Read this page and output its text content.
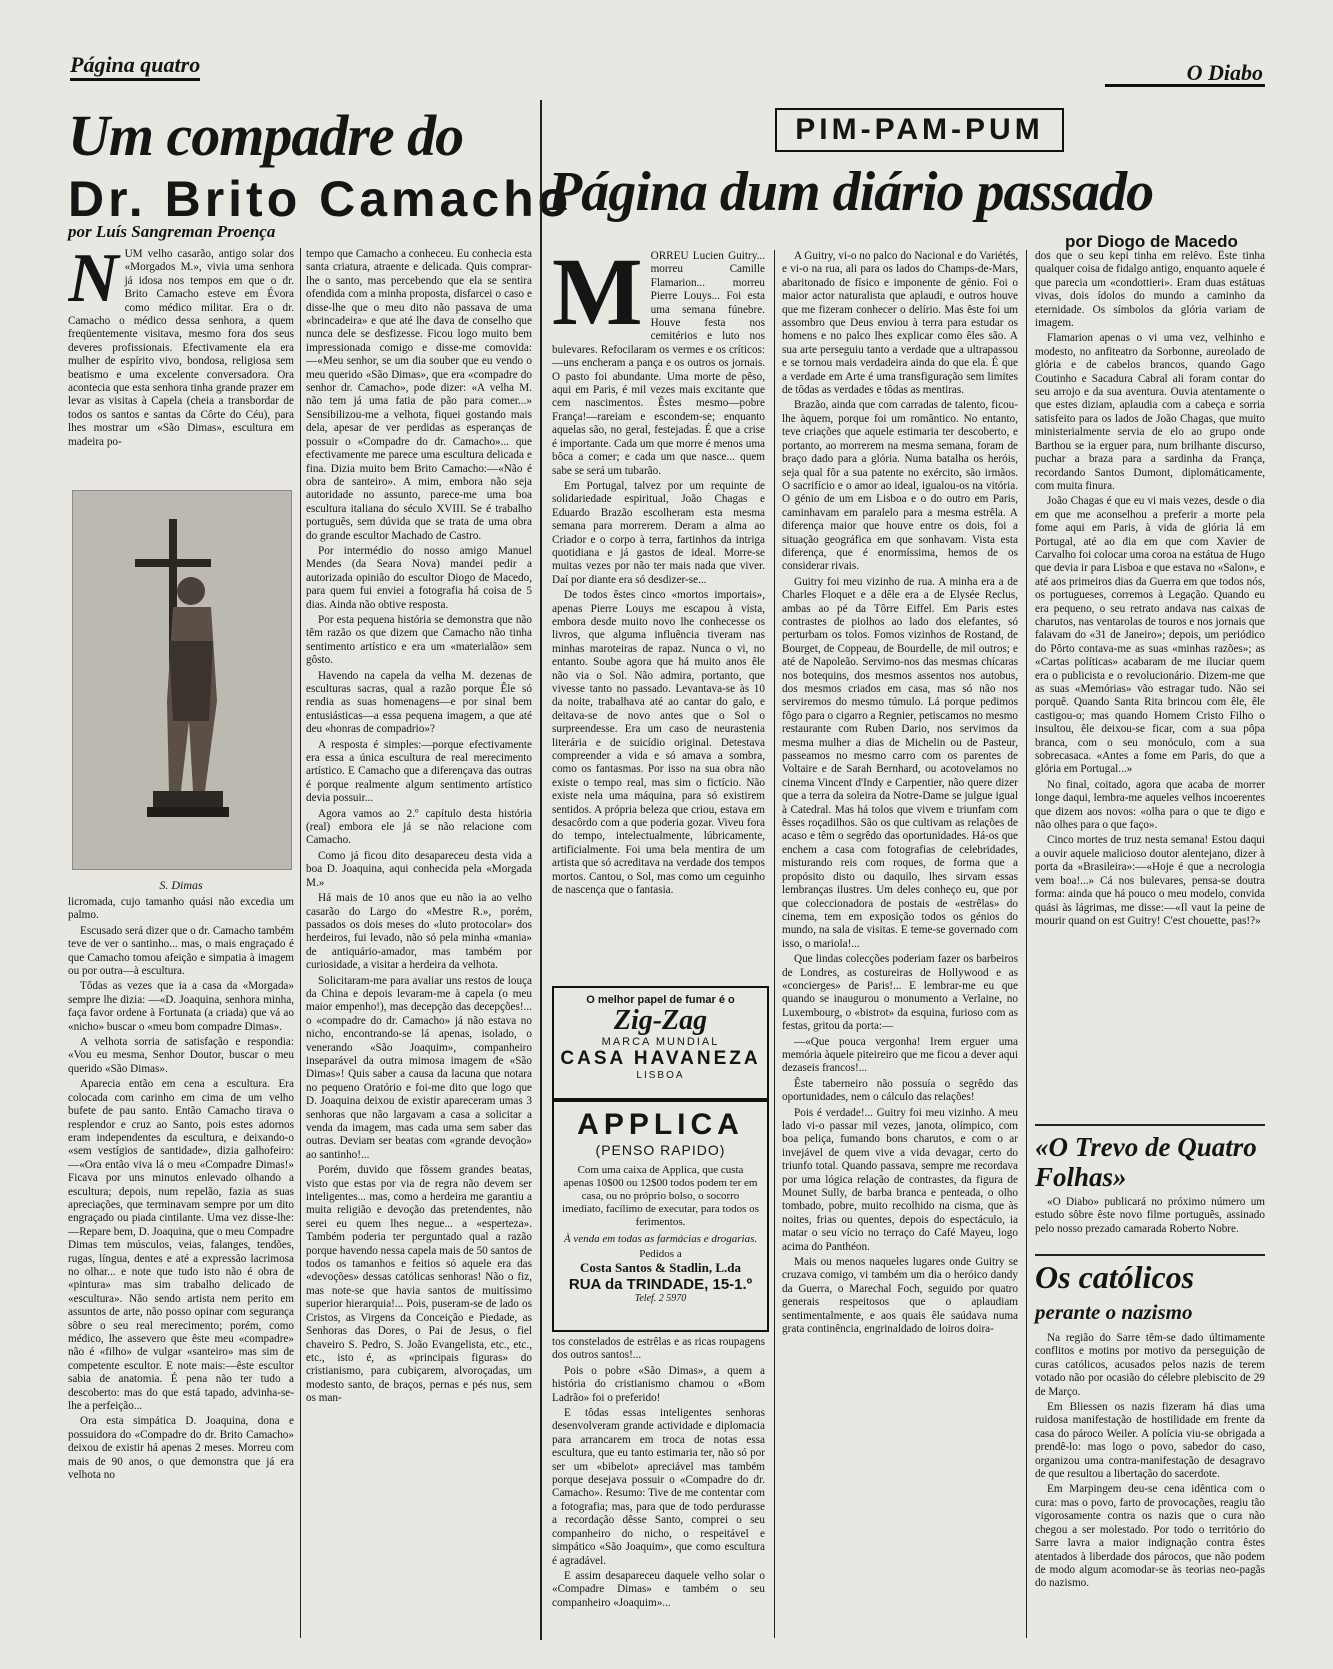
Página quatro	O Diabo
Um compadre do
Dr. Brito Camacho
por Luís Sangreman Proença

NUM velho casarão, antigo solar dos «Morgados M.», vivia uma senhora já idosa nos tempos em que o dr. Brito Camacho esteve em Évora como médico militar. Era o dr. Camacho o médico dessa senhora, a quem freqüentemente visitava, mesmo fora dos seus deveres profissionais. Efectivamente ela era mulher de espírito vivo, bondosa, religiosa sem beatismo e uma excelente conversadora. Ora acontecia que esta senhora tinha grande prazer em levar as visitas à Capela (cheia a transbordar de todos os santos e santas da Côrte do Céu), para lhes mostrar um «São Dimas», escultura em madeira po-

S. Dimas

licromada, cujo tamanho quási não excedia um palmo.

Escusado será dizer que o dr. Camacho também teve de ver o santinho... mas, o mais engraçado é que Camacho tomou afeição e simpatia à imagem ou por outra—à escultura.

Tôdas as vezes que ia a casa da «Morgada» sempre lhe dizia: —«D. Joaquina, senhora minha, faça favor ordene à Fortunata (a criada) que vá ao «nicho» buscar o «meu bom compadre Dimas».

A velhota sorria de satisfação e respondia: «Vou eu mesma, Senhor Doutor, buscar o meu querido «São Dimas».

Aparecia então em cena a escultura. Era colocada com carinho em cima de um velho bufete de pau santo. Então Camacho tirava o resplendor e cruz ao Santo, pois estes adornos eram independentes da escultura, e deixando-o «sem vestígios de santidade», dizia galhofeiro: —«Ora então viva lá o meu «Compadre Dimas!» Ficava por uns minutos enlevado olhando a escultura; depois, num repelão, fazia as suas apreciações, que terminavam sempre por um dito engraçado ou piada cintilante. Uma vez disse-lhe:—Repare bem, D. Joaquina, que o meu Compadre Dimas tem músculos, veias, falanges, tendões, rugas, língua, dentes e até a expressão lacrimosa no olhar... e note que tudo isto não é obra de «pintura» mas sim trabalho delicado de «escultura». Não sendo artista nem perito em assuntos de arte, não posso opinar com segurança sôbre o seu real merecimento; porém, como médico, lhe assevero que êste meu «compadre» não é «filho» de vulgar «santeiro» mas sim de competente escultor. E note mais:—êste escultor sabia de anatomia. É pena não ter tudo a descoberto: mas do que está tapado, advinha-se-lhe a perfeição...

Ora esta simpática D. Joaquina, dona e possuidora do «Compadre do dr. Brito Camacho» deixou de existir há apenas 2 meses. Morreu com mais de 90 anos, o que demonstra que já era velhota no

tempo que Camacho a conheceu. Eu conhecia esta santa criatura, atraente e delicada. Quis comprar-lhe o santo, mas percebendo que ela se sentira ofendida com a minha proposta, disfarcei o caso e disse-lhe que o meu dito não passava de uma «brincadeira» e que até lhe dava de conselho que nunca dele se desfizesse. Ficou logo muito bem impressionada comigo e disse-me comovida:—«Meu senhor, se um dia souber que eu vendo o meu querido «São Dimas», que era «compadre do senhor dr. Camacho», pode dizer: «A velha M. não tem já uma fatia de pão para comer...» Sensibilizou-me a velhota, fiquei gostando mais dela, apesar de ver perdidas as esperanças de possuir o «Compadre do dr. Camacho»... que efectivamente me parece uma escultura delicada e fina. Dizia muito bem Brito Camacho:—«Não é obra de santeiro». A mim, embora não seja autoridade no assunto, parece-me uma boa escultura italiana do século XVIII. Se é trabalho português, sem dúvida que se trata de uma obra do grande escultor Machado de Castro.

Por intermédio do nosso amigo Manuel Mendes (da Seara Nova) mandei pedir a autorizada opinião do escultor Diogo de Macedo, para quem fui enviei a fotografia há coisa de 5 dias. Ainda não obtive resposta.

Por esta pequena história se demonstra que não têm razão os que dizem que Camacho não tinha sentimento artístico e era um «materialão» sem gôsto.

Havendo na capela da velha M. dezenas de esculturas sacras, qual a razão porque Êle só rendia as suas homenagens—e por sinal bem entusiásticas—a essa pequena imagem, a que até deu «honras de compadrio»?

A resposta é simples:—porque efectivamente era essa a única escultura de real merecimento artístico. E Camacho que a diferençava das outras é porque realmente algum sentimento artístico devia possuir...

Agora vamos ao 2.º capítulo desta história (real) embora ele já se não relacione com Camacho.

Como já ficou dito desapareceu desta vida a boa D. Joaquina, aqui conhecida pela «Morgada M.»

Há mais de 10 anos que eu não ia ao velho casarão do Largo do «Mestre R.», porém, passados os dois meses do «luto protocolar» dos herdeiros, fui levado, não só pela minha «mania» de antiquário-amador, mas também por curiosidade, a visitar a herdeira da velhota.

Solicitaram-me para avaliar uns restos de louça da China e depois levaram-me à capela (o meu maior empenho!), mas decepção das decepções!... o «compadre do dr. Camacho» já não estava no nicho, encontrando-se lá apenas, isolado, o venerando «São Joaquim», companheiro inseparável da outra mimosa imagem de «São Dimas»! Quis saber a causa da lacuna que notara no pequeno Oratório e foi-me dito que logo que D. Joaquina deixou de existir apareceram umas 3 senhoras que não largavam a casa a solicitar a venda da imagem, mas cada uma sem saber das outras. Deviam ser beatas com «grande devoção» ao santinho!...

Porém, duvido que fôssem grandes beatas, visto que estas por via de regra não devem ser inteligentes... mas, como a herdeira me garantiu a muita religião e devoção das pretendentes, não serei eu quem lhes negue... a «esperteza». Também poderia ter perguntado qual a razão porque havendo nessa capela mais de 50 santos de todos os tamanhos e feitios só aquele era das «devoções» dessas católicas senhoras! Não o fiz, mas note-se que havia santos de muitíssimo superior hierarquia!... Pois, puseram-se de lado os Cristos, as Virgens da Conceição e Piedade, as Senhoras das Dores, o Pai de Jesus, o fiel chaveiro S. Pedro, S. João Evangelista, etc., etc., etc., isto é, as «principais figuras» do cristianismo, para cubiçarem, alvoroçadas, um modesto santo, de braços, pernas e pés nus, sem os man-

PIM-PAM-PUM
Página dum diário passado
por Diogo de Macedo

MORREU Lucien Guitry... morreu Camille Flamarion... morreu Pierre Louys... Foi esta uma semana fúnebre. Houve festa nos cemitérios e luto nos bulevares. Refocilaram os vermes e os críticos:—uns encheram a pança e os outros os jornais. O pasto foi abundante. Uma morte de pêso, aqui em Paris, é mil vezes mais excitante que cem nascimentos. Êstes mesmo—pobre França!—rareiam e escondem-se; enquanto aquelas são, no geral, festejadas. É que a crise é importante. Cada um que morre é menos uma bôca a comer; e cada um que nasce... quem sabe se será um tubarão.

Em Portugal, talvez por um requinte de solidariedade espiritual, João Chagas e Eduardo Brazão escolheram esta mesma semana para morrerem. Deram a alma ao Criador e o corpo à terra, fartinhos da intriga quotidiana e já gastos de ideal. Morre-se muitas vezes por não ter mais nada que viver. Daí por diante era só desdizer-se...

De todos êstes cinco «mortos importais», apenas Pierre Louys me escapou à vista, embora desde muito novo lhe conhecesse os livros, que alguma influência tiveram nas minhas maroteiras de rapaz. Nunca o vi, no entanto. Soube agora que há muito anos êle não via o Sol. Não admira, portanto, que vivesse tanto no passado. Levantava-se às 10 da noite, trabalhava até ao cantar do galo, e deitava-se de novo antes que o Sol o surpreendesse. Era um caso de neurastenia literária e de suicídio original. Detestava compreender a vida e só amava a sombra, como os fantasmas. Por isso na sua obra não existe o tempo real, mas sim o fictício. Não existe nela uma máquina, para só existirem sentidos. A própria beleza que criou, estava em desacôrdo com a que poderia gozar. Viveu fora do tempo, intelectualmente, lúbricamente, artificialmente. Foi uma bela mentira de um artista que só acreditava na verdade dos tempos mortos. Cantou, o Sol, mas como um ceguinho de nascença que o fantasia.

O melhor papel de fumar é o
Zig-Zag
MARCA MUNDIAL
CASA HAVANEZA
LISBOA
APPLICA
(PENSO RAPIDO)
Com uma caixa de Applica, que custa apenas 10$00 ou 12$00 todos podem ter em casa, ou no próprio bolso, o socorro imediato, facílimo de executar, para todos os ferimentos.
À venda em todas as farmácias e drogarias.
Pedidos a
Costa Santos & Stadlin, L.da
RUA da TRINDADE, 15-1.º
Telef. 2 5970

tos constelados de estrêlas e as ricas roupagens dos outros santos!...

Pois o pobre «São Dimas», a quem a história do cristianismo chamou o «Bom Ladrão» foi o preferido!

E tôdas essas inteligentes senhoras desenvolveram grande actividade e diplomacia para arrancarem em troca de notas essa escultura, que eu tanto estimaria ter, não só por ser um «bibelot» apreciável mas também porque desejava possuir o «Compadre do dr. Camacho». Resumo: Tive de me contentar com a fotografia; mas, para que de todo perdurasse a recordação dêsse Santo, comprei o seu companheiro do nicho, o respeitável e simpático «São Joaquim», que como escultura é agradável.

E assim desapareceu daquele velho solar o «Compadre Dimas» e também o seu companheiro «Joaquim»...

A Guitry, vi-o no palco do Nacional e do Variétés, e vi-o na rua, ali para os lados do Champs-de-Mars, abaritonado de físico e imponente de génio. Foi o maior actor naturalista que aplaudi, e outros houve que me fizeram conhecer o delírio. Mas êste foi um assombro que Deus enviou à terra para estudar os homens e no palco lhes explicar como êles são. A sua arte perseguiu tanto a verdade que a ultrapassou e se tornou mais verdadeira ainda do que ela. É que a verdade em Arte é uma transfiguração sem limites de tôdas as verdades e tôdas as mentiras.

Brazão, ainda que com carradas de talento, ficou-lhe àquem, porque foi um romântico. No entanto, teve criações que aquele estimaria ter descoberto, e portanto, ao morrerem na mesma semana, foram de braço dado para a glória. Numa batalha os heróis, seja qual fôr a sua patente no exército, são irmãos. O sacrifício e o amor ao ideal, igualou-os na vitória. O génio de um em Lisboa e o do outro em Paris, caminhavam em paralelo para a mesma estrêla. A diferença maior que houve entre os dois, foi a situação geográfica em que sonhavam. Vista esta diferença, que é enormíssima, hemos de os considerar rivais.

Guitry foi meu vizinho de rua. A minha era a de Charles Floquet e a dêle era a de Elysée Reclus, ambas ao pé da Tôrre Eiffel. Em Paris estes contrastes de piolhos ao lado dos elefantes, só perturbam os tolos. Fomos vizinhos de Rostand, de Bourget, de Coppeau, de Bourdelle, de mil outros; e até de Napoleão. Servimo-nos das mesmas chícaras nos botequins, dos mesmos assentos nos autobus, dos mesmos criados em casa, mas só não nos serviremos do mesmo túmulo. Lá porque pedimos fôgo para o cigarro a Regnier, petiscamos no mesmo restaurante com Ruben Dario, nos servimos da mesma mulher a dias de Michelin ou de Pasteur, passeamos no mesmo carro com os parentes de Voltaire e de Sarah Bernhard, ou acotovelamos no cinema Vincent d'Indy e Carpentier, não quere dizer que a terra da soleira da Notre-Dame se julgue igual à Catedral. Mas há tolos que vivem e triunfam com êsses roçadilhos. São os que cultivam as relações de acaso e têm o segrêdo das oportunidades. Há-os que enchem a casa com fotografias de celebridades, misturando reis com roques, de forma que a propósito disto ou daquilo, lhes sirvam essas lembranças ilustres. Um deles conheço eu, que por que coleccionadora de postais de «estrêlas» do cinema, tem em exposição todos os génios do mundo, na sala de visitas. E teme-se governado com isso, o mariola!...

Que lindas colecções poderiam fazer os barbeiros de Londres, as costureiras de Hollywood e as «concierges» de Paris!... E lembrar-me eu que quando se inaugurou o monumento a Verlaine, no Luxembourg, o «bistrot» da esquina, furioso com as festas, gritou da porta:—

—«Que pouca vergonha! Irem erguer uma memória àquele piteireiro que me ficou a dever aqui dezaseis francos!...

Êste taberneiro não possuía o segrêdo das oportunidades, nem o cálculo das relações!

Pois é verdade!... Guitry foi meu vizinho. A meu lado vi-o passar mil vezes, janota, olímpico, com boa peliça, fumando bons charutos, e com o ar invejável de quem vive a vida devagar, certo do triunfo total. Quando passava, sempre me recordava por uma lógica relação de contrastes, da figura de Mounet Sully, de barba branca e penteada, o olho tombado, pobre, muito recolhido na cisma, que às noites, frias ou quentes, depois do espectáculo, ia matar o seu vício no terraço do Café Mayeu, logo acima do Panthéon.

Mais ou menos naqueles lugares onde Guitry se cruzava comigo, vi também um dia o heróico dandy da Guerra, o Marechal Foch, seguido por quatro generais respeitosos que o aplaudiam sentimentalmente, e aos quais êle saúdava numa grata continência, engrinaldado de loiros doira-

dos que o seu kepi tinha em relêvo. Êste tinha qualquer coisa de fidalgo antigo, enquanto aquele é que parecia um «condottieri». Eram duas estátuas vivas, dois ídolos do mundo a caminho da eternidade. Os símbolos da glória variam de imagem.

Flamarion apenas o vi uma vez, velhinho e modesto, no anfiteatro da Sorbonne, aureolado de glória e de cabelos brancos, quando Gago Coutinho e Sacadura Cabral ali foram contar do seu arrojo e da sua aventura. Ouvia atentamente o que estes diziam, aplaudia com a cabeça e sorria satisfeito para os lados de João Chagas, que muito ministerialmente servia de elo ao grupo onde Barthou se ia erguer para, num brilhante discurso, puchar a braza para a sardinha da França, recordando Santos Dumont, diplomáticamente, com muita finura.

João Chagas é que eu vi mais vezes, desde o dia em que me aconselhou a preferir a morte pela fome aqui em Paris, à vida de glória lá em Portugal, até ao dia em que com Xavier de Carvalho foi colocar uma coroa na estátua de Hugo que devia ir para Lisboa e que estava no «Salon», e até aos primeiros dias da Guerra em que todos nós, os portugueses, corremos à Legação. Quando eu era pequeno, o seu retrato andava nas caixas de charutos, nas ventarolas de touros e nos jornais que falavam do «31 de Janeiro»; depois, um periódico do Pôrto contava-me as suas «minhas razões»; as «Cartas políticas» acabaram de me iluciar quem era o publicista e o revolucionário. Dizem-me que as suas «Memórias» vão estragar tudo. Não sei porquê. Quando Santa Rita brincou com êle, êle castigou-o; mas quando Homem Cristo Filho o insultou, êle deixou-se ficar, com a sua pôpa branca, com o seu monóculo, com a sua sobrecasaca. «Antes a fome em Paris, do que a glória em Portugal...»

No final, coitado, agora que acaba de morrer longe daqui, lembra-me aqueles velhos incoerentes que dizem aos novos: «olha para o que te digo e não olhes para o que faço».

Cinco mortes de truz nesta semana! Estou daqui a ouvir aquele malicioso doutor alentejano, dizer à porta da «Brasileira»:—«Hoje é que a necrologia vem boa!...» Cá nos bulevares, pensa-se doutra forma: ainda que há pouco o meu modelo, convida quási às lágrimas, me disse:—«Il vaut la peine de mourir quand on est Guitry! C'est chouette, pas!?»

«O Trevo de Quatro Folhas»

«O Diabo» publicará no próximo número um estudo sôbre êste novo filme português, assinado pelo nosso prezado camarada Roberto Nobre.

Os católicos
perante o nazismo

Na região do Sarre têm-se dado últimamente conflitos e motins por motivo da perseguição de curas católicos, acusados pelos nazis de terem votado não por ocasião do célebre plebiscito de 29 de Março.

Em Bliessen os nazis fizeram há dias uma ruidosa manifestação de hostilidade em frente da casa do pároco Weiler. A polícia viu-se obrigada a prendê-lo: mas logo o povo, sabedor do caso, organizou uma contra-manifestação de desagravo de que resultou a libertação do sacerdote.

Em Marpingem deu-se cena idêntica com o cura: mas o povo, farto de provocações, reagiu tão vigorosamente contra os nazis que o cura não chegou a ser molestado. Por todo o território do Sarre lavra a maior indignação contra êstes atentados à liberdade dos párocos, que não podem de modo algum acomodar-se às teorias neo-pagãs do nazismo.
